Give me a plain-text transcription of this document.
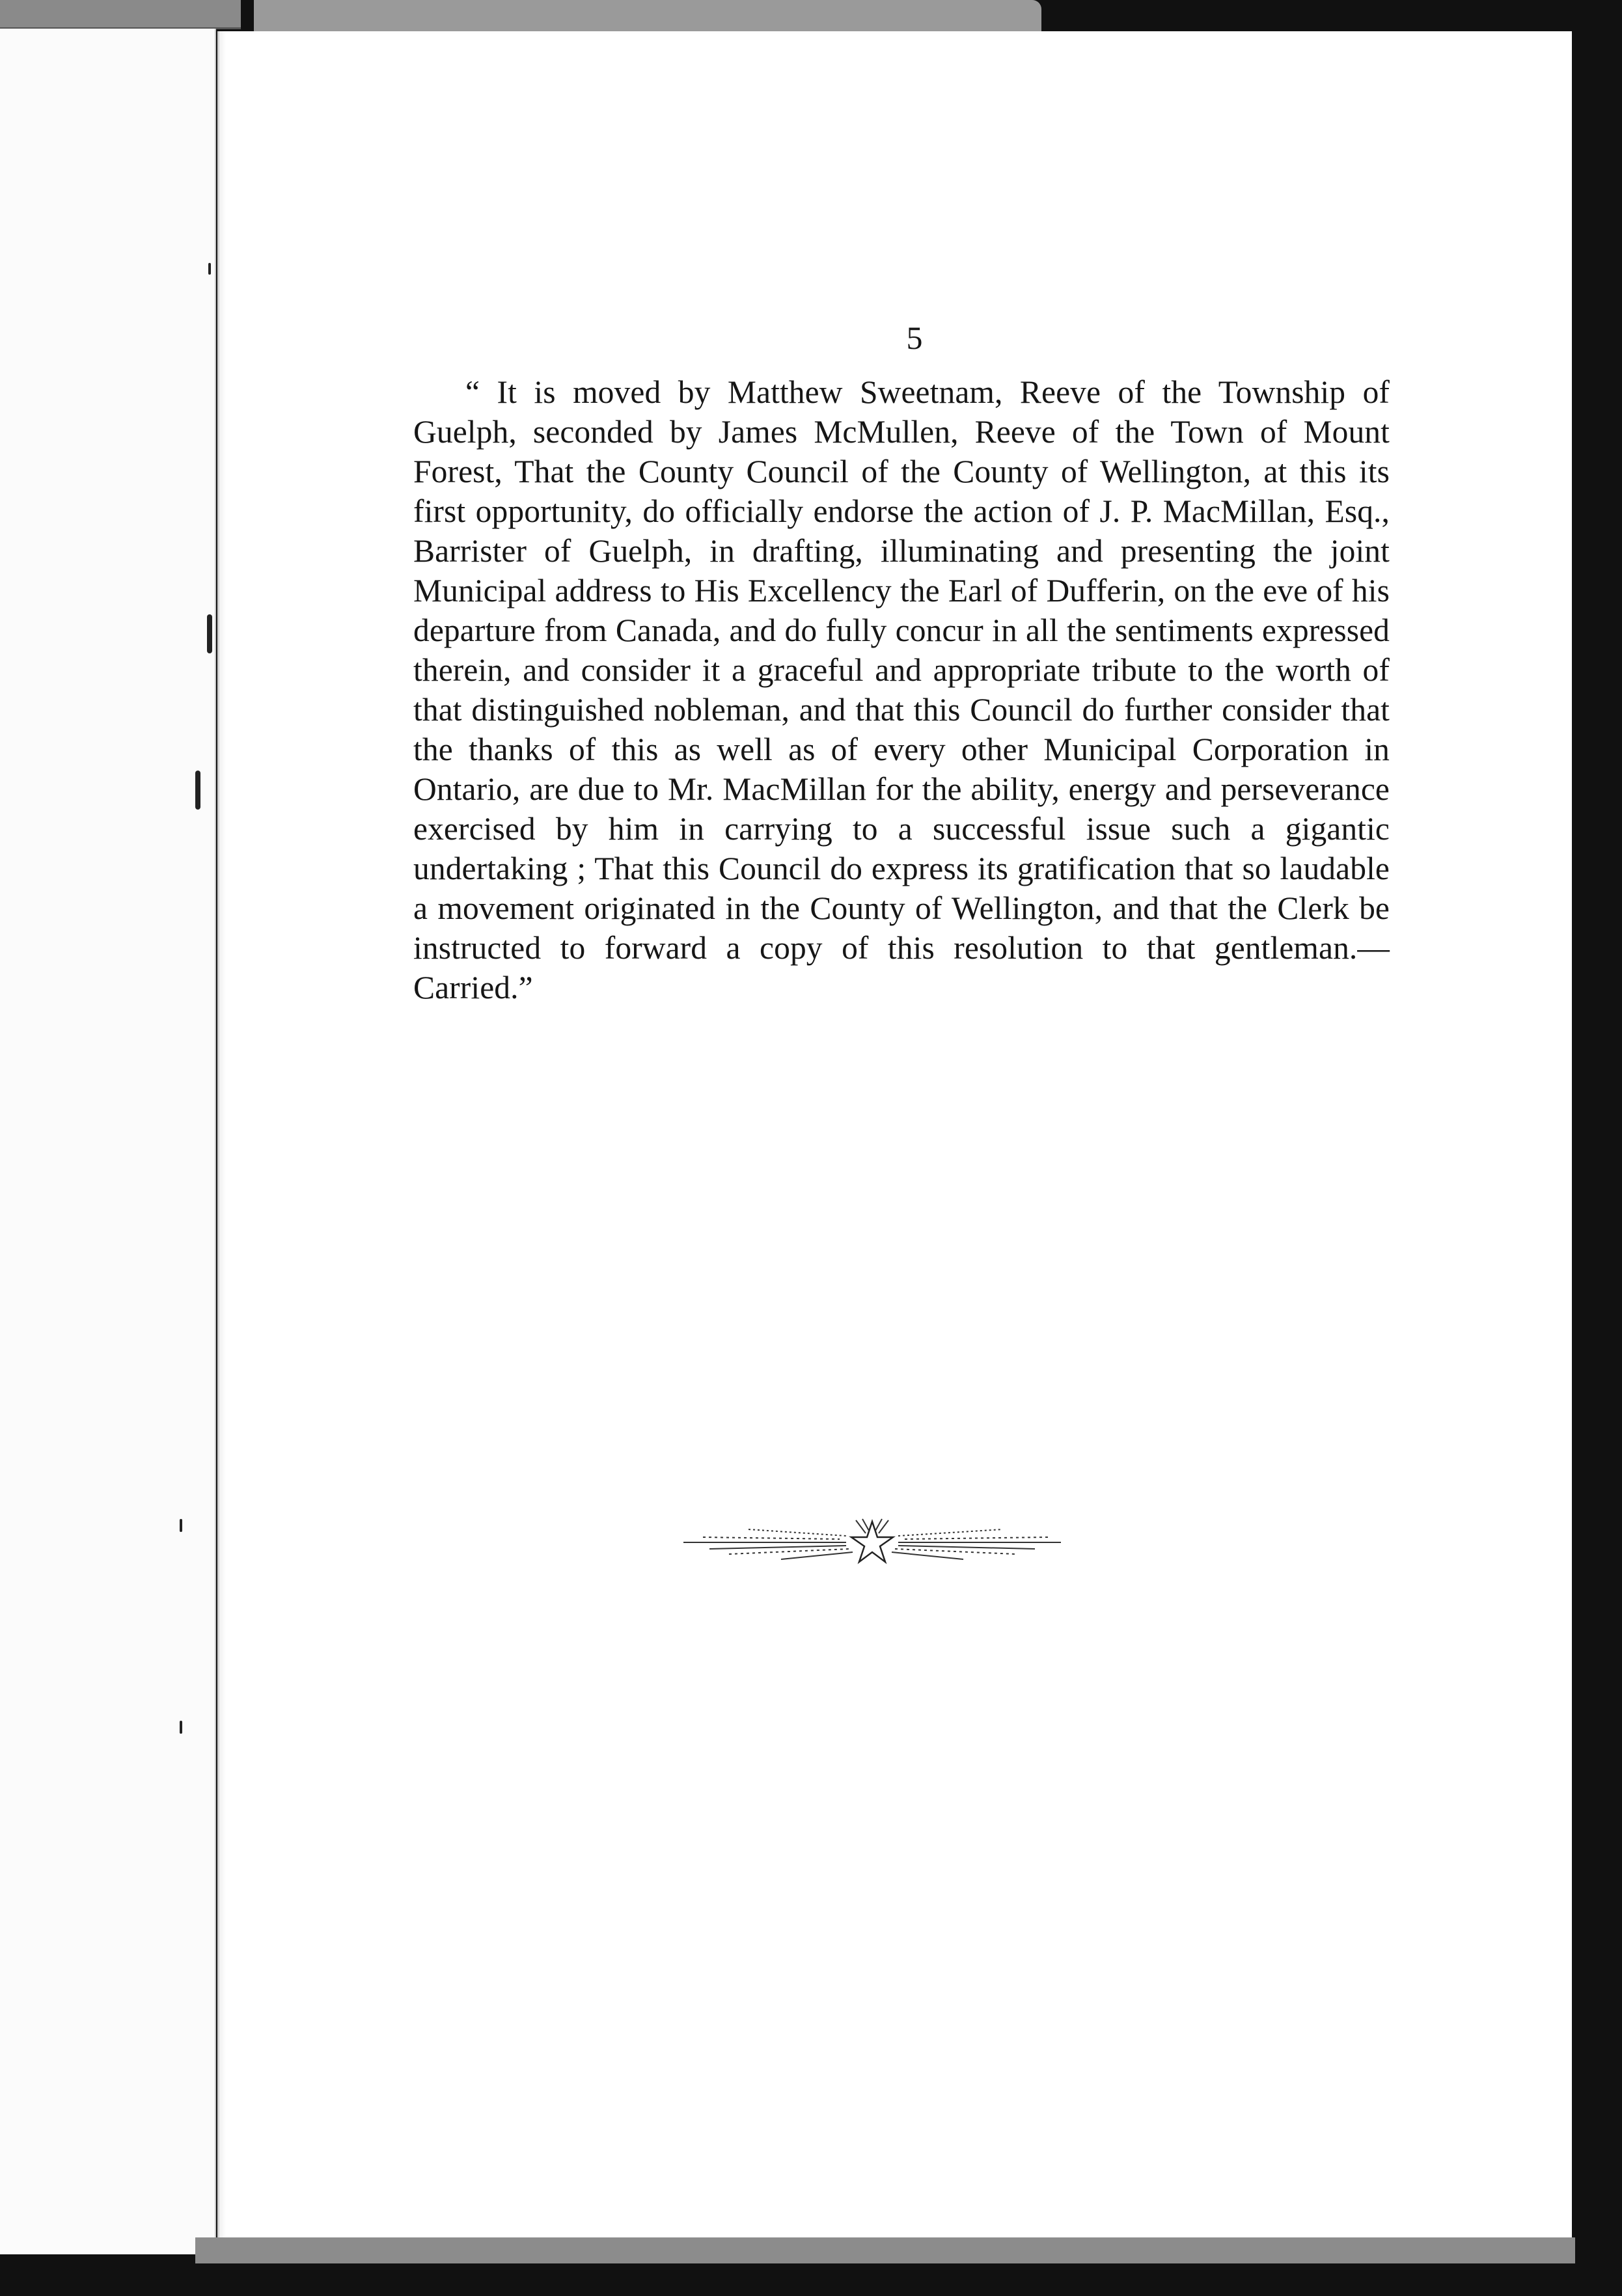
5

“ It is moved by Matthew Sweetnam, Reeve of the Township of Guelph, seconded by James McMullen, Reeve of the Town of Mount Forest, That the County Council of the County of Wellington, at this its first opportunity, do officially endorse the action of J. P. MacMillan, Esq., Barrister of Guelph, in drafting, illuminating and presenting the joint Municipal address to His Excellency the Earl of Dufferin, on the eve of his departure from Canada, and do fully concur in all the sentiments expressed therein, and consider it a graceful and appropriate tribute to the worth of that distinguished nobleman, and that this Council do further consider that the thanks of this as well as of every other Municipal Corporation in Ontario, are due to Mr. MacMillan for the ability, energy and perseverance exercised by him in carrying to a successful issue such a gigantic undertaking ; That this Council do express its gratification that so laudable a movement originated in the County of Wellington, and that the Clerk be instructed to forward a copy of this resolution to that gentleman.—Carried.”
